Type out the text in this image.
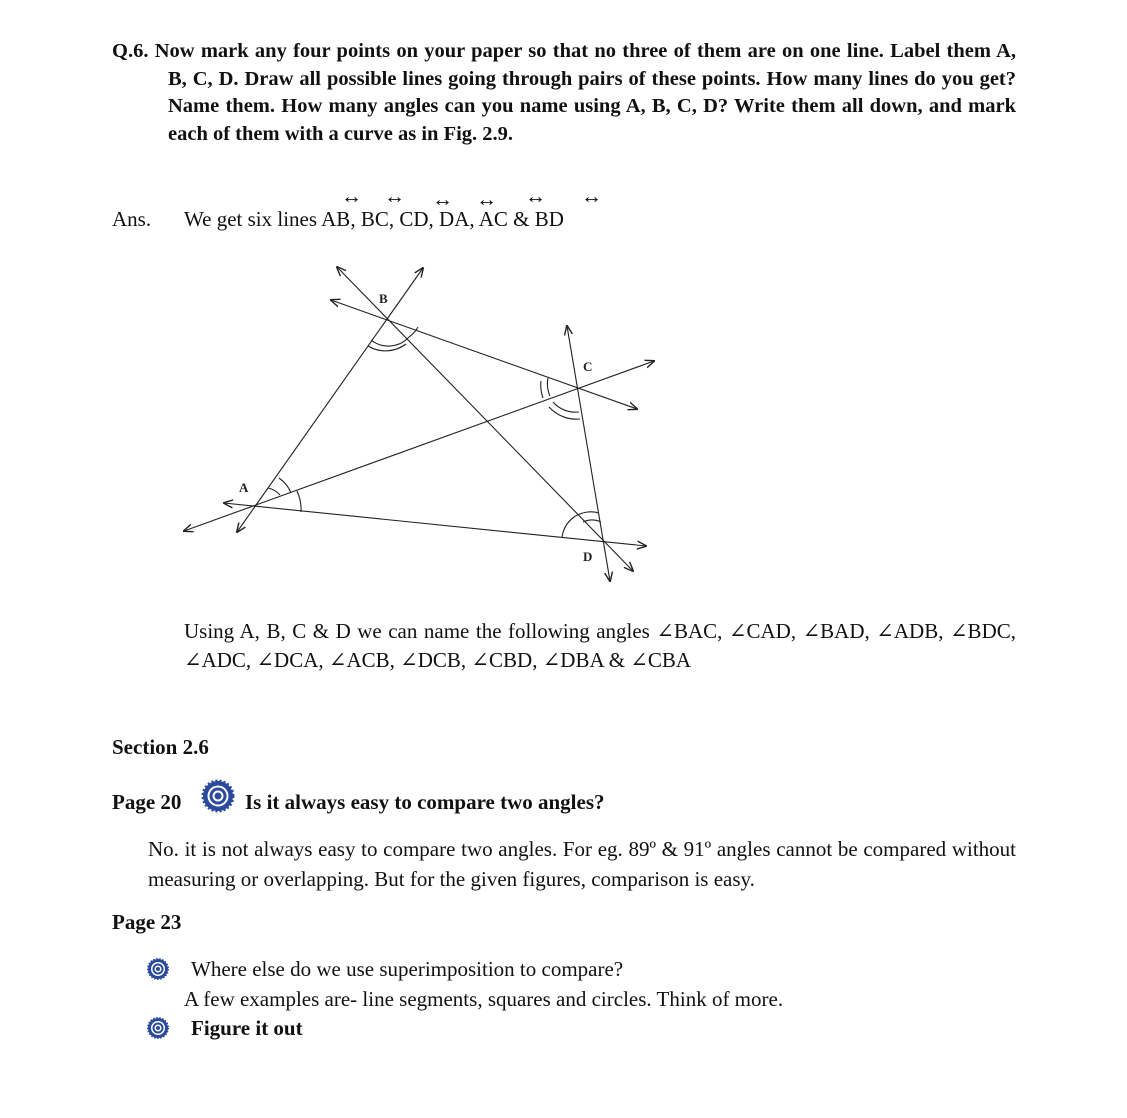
Q.6. Now mark any four points on your paper so that no three of them are on one line. Label them A, B, C, D. Draw all possible lines going through pairs of these points. How many lines do you get? Name them. How many angles can you name using A, B, C, D? Write them all down, and mark each of them with a curve as in Fig. 2.9.

Ans. We get six lines AB, BC, CD, DA, AC & BD
↔ ↔ ↔ ↔ ↔ ↔
A
B
C
D
Using A, B, C & D we can name the following angles ∠BAC, ∠CAD, ∠BAD, ∠ADB, ∠BDC, ∠ADC, ∠DCA, ∠ACB, ∠DCB, ∠CBD, ∠DBA & ∠CBA
Section 2.6
Page 20	Is it always easy to compare two angles?
No. it is not always easy to compare two angles. For eg. 89º & 91º angles cannot be compared without measuring or overlapping. But for the given figures, comparison is easy.
Page 23
Where else do we use superimposition to compare?
A few examples are- line segments, squares and circles. Think of more.
Figure it out
